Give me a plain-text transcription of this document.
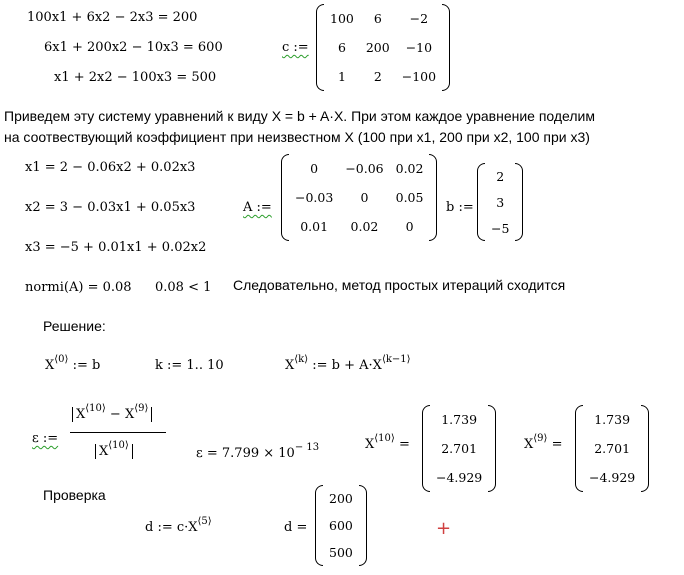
100x1 + 6x2 − 2x3 = 200
6x1 + 200x2 − 10x3 = 600
x1 + 2x2 − 100x3 = 500
c :=
100	6	−2
6	200	−10
1	2	−100
Приведем эту систему уравнений к виду X = b + A·X. При этом каждое уравнение поделим
на соотвествующий коэффициент при неизвестном X (100 при x1, 200 при x2, 100 при x3)
x1 = 2 − 0.06x2 + 0.02x3
x2 = 3 − 0.03x1 + 0.05x3
x3 = −5 + 0.01x1 + 0.02x2
A :=
0	−0.06	0.02
−0.03	0	0.05
0.01	0.02	0
b :=
2
3
−5
normi(A) = 0.08 0.08 < 1 Следовательно, метод простых итераций сходится
Решение:
$X^{⟨0⟩}$ := b	k := 1.. 10	$X^{⟨k⟩}$ := $b + A\cdot X^{⟨k-1⟩}$
ε :=
$X^{⟨10⟩} - X^{⟨9⟩}$
$X^{⟨10⟩}$
$\varepsilon = 7.799 \times 10^{- 13}$	$X^{⟨10⟩}$ =
1.739
2.701
−4.929
$X^{⟨9⟩}$ =
1.739
2.701
−4.929
Проверка
d := $c\cdot X^{⟨5⟩}$	d =
200
600
500
+
